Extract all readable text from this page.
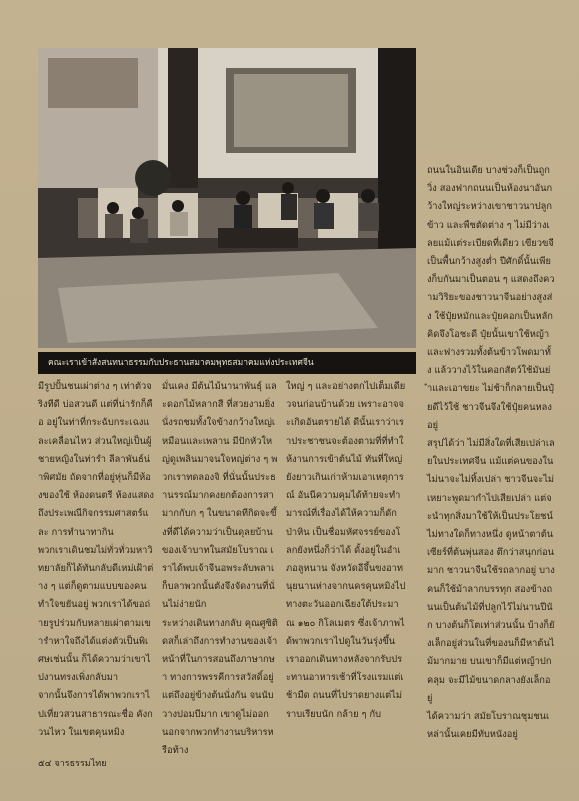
คณะเราเข้าสังสนทนาธรรมกับประธานสมาคมพุทธสมาคมแห่งประเทศจีน

ถนนในอินเดีย บางช่วงก็เป็นถูกวิ่ง สองฟากถนนเป็นห้องนาอันกว้างใหญ่ระหว่างเขาชาวนาปลูกข้าว และพืชตัดต่าง ๆ ไม่มีว่างเลยแม้แต่ระเบียดที่เดียว เขียวขจีเป็นพื้นกว้างสูงต่ำ ปีศักดิ์นั้นเพียงก็บกันมาเป็นตอน ๆ แสดงถึงความวิริยะของชาวนาจีนอย่างสูงส่ง ใช้ปุ๋ยหมักและปุ๋ยคอกเป็นหลักคิดจึงโอชะดี ปุ๋ยนั้นเขาใช้หญ้าและฟางรวมทั้งต้นข้าวโพดมาทั้ง แล้ววางไว้ในคอกสัตว์ใช้มันย่ำและเอาขยะ ไม่ช้าก็กลายเป็นปุ๋ยดีไว้ใช้ ชาวจีนจึงใช้ปุ๋ยคนหลงอยู่
สรุปได้ว่า ไม่มีสิ่งใดที่เสียเปล่าเลยในประเทศจีน แม้แต่คนของในไม่นาจะไม่ทิ้งเปล่า ชาวจีนจะไม่เหยาะพูดมากำไปเสียเปล่า แต่จะนำทุกสิ่งมาใช้ให้เป็นประโยชน์ไม่ทางใดก็ทางหนึ่ง ดูหน้าตาต้นเซียร์ที่ต้นพุ่นสอง ตึกว่าสนุกก่อนมาก ชาวนาจีนใช้รถลากอยู่ บางคนก็ใช้ม้าลากบรรทุก สองข้างถนนเป็นต้นไม้ที่ปลูกไว้ไม่นานปีนัก บางต้นก็โตเท่าส่วนนั้น บ้างก็ยังเล็กอยู่ส่วนในที่ของนก็มีหาต้นไม้มากมาย บนเขาก็มีแต่หญ้าปกคลุม จะมีไม้ขนาดกลางยังเล็กอยู่
ได้ความว่า สมัยโบราณชุมชนเหล่านั้นเคยมีทับหนังอยู่

มีรูปปั้นชนเผ่าต่าง ๆ เท่าตัวจริงทีดี บ่อสวนดี แต่ที่น่ารักก็คือ อยู่ในท่าที่กระฉับกระเฉงและเคลื่อนไหว ส่วนใหญ่เป็นผู้ชายหญิงในท่ารำ ลีลาพันธ์น่าพิศมัย ถัดจากที่อยู่หุ่นก็มีห้องของใช้ ห้องดนตรี ห้องแสดงถึงประเพณีกิจกรรมศาสตร์และ การทำนาทากิน
พวกเราเดินชมไม่ทั่วทั่วมหาวิทยาลัยก็ได้ทันกลับดีเหม่เฝ้าต่าง ๆ แต่ก็ดูตามแบบของคน ทำใจขยันอยู่ พวกเราได้ขอถ่ายรูปร่วมกับหลายเผ่าตามเขารำหาใจถึงได้แต่งตัวเป็นพิเศษเช่นนั้น ก็ได้ความว่าเขาไปงานทรงเพิ่งกลับมา
จากนั้นจึงการได้พาพวกเราไปเที่ยวสวนสาธารณะชื่อ คังกวนไหว ในเขตคุนหมิง

มั่นเคง มีต้นไม้นานาพันธุ์ และดอกไม้หลากสี ที่สวยงามยิ่งนั่งรถชมทั้งใจข้างกว้างใหญ่เหมือนและเพลาน มีปักหัวใหญ่ดูเพลินมาจนใจหญ่ต่าง ๆ พวกเราทดลองจิ ที่นั่นนั้นประธานรรณ์มากคงยกต้องการสามากกับก ๆ ในขนาดทีกิดจะขึ้งที่ดีได้ความว่าเป็นดุลยบ้านของเจ้าบาทในสมัยโบราณ เราได้พบเจ้าจีนอพระลับพลาเก็บลาพวกนั้นตังจึงจัดงานที่นั่นไม่ง่ายนัก
ระหว่างเดินทางกลับ คุณศูซิติดสก็เล่าถึงการทำงานของเจ้าหน้าที่ในการสอนถึงภาษากษา ทางการพรรคีการสวัสดิ์อยู่ แต่ถึงอยู่ข้างต้นนั่งกัน จนนับวางปอมบีมาก เขาดูไม่ออก นอกจากพวกทำงานบริหารหรือท้าง

ใหญ่ ๆ และอย่างตกไปเต็มเดียวจนก่อนบ้านด้วย เพราะอาจจะเกิดอันตรายได้ ดีนั้นเราว่าเราประชาชนจะต้องตามที่ที่ทำให้งานการเข้าต้นไม้ ทันที่ใหญ่ยังยาวเกินเก่าห้ามเอาเหตุการณ์ อันนีความคุมได้ท้ายจะทำมารณ์ที่เรื่องได้ให้ความก็ดัก
ป่าหิน เป็นชื่อมหัศจรรย์ของโลกยังหนึ่งก็ว่าได้ ดั้งอยู่ในอำเภอลูหนาน จังหวัดอีจึ้นขงอาทนุยนานห่างจากนครคุนหมิงไปทางตะวันออกเฉียงใต้ประมาณ ๑๒๐ กิโลเมตร ซึ่งเจ้าภาพได้พาพวกเราไปดูในวันรุ่งขึ้น
เราออกเดินทางหลังจากรับประทานอาหารเช้าที่โรงแรมแต่เช้ามืด ถนนที่ไปราดยางแต่ไม่ราบเรียบนัก กล้าย ๆ กับ

๕๔ จารธรรมไทย
